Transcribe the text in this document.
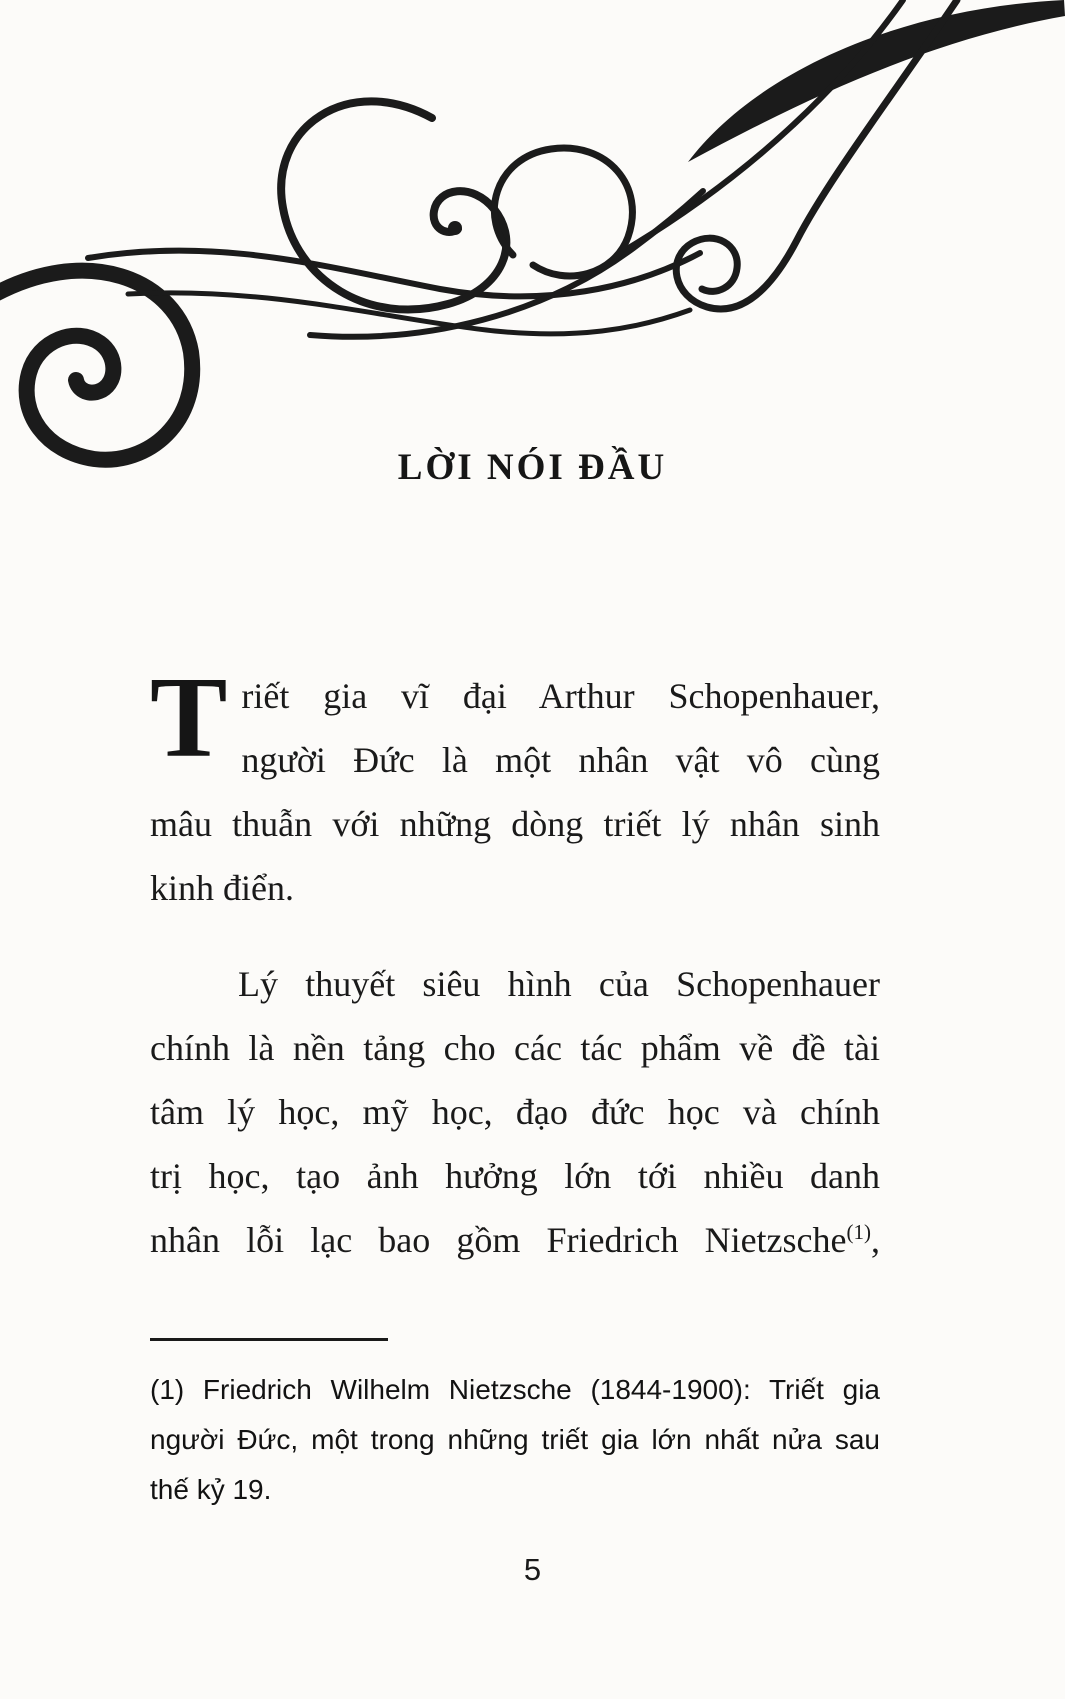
LỜI NÓI ĐẦU
T riết gia vĩ đại Arthur Schopenhauer,
người Đức là một nhân vật vô cùng
mâu thuẫn với những dòng triết lý nhân sinh
kinh điển.
Lý thuyết siêu hình của Schopenhauer
chính là nền tảng cho các tác phẩm về đề tài
tâm lý học, mỹ học, đạo đức học và chính
trị học, tạo ảnh hưởng lớn tới nhiều danh
nhân lỗi lạc bao gồm Friedrich Nietzsche$^{(1)}$,
(1) Friedrich Wilhelm Nietzsche (1844-1900): Triết gia
người Đức, một trong những triết gia lớn nhất nửa sau
thế kỷ 19.
5
